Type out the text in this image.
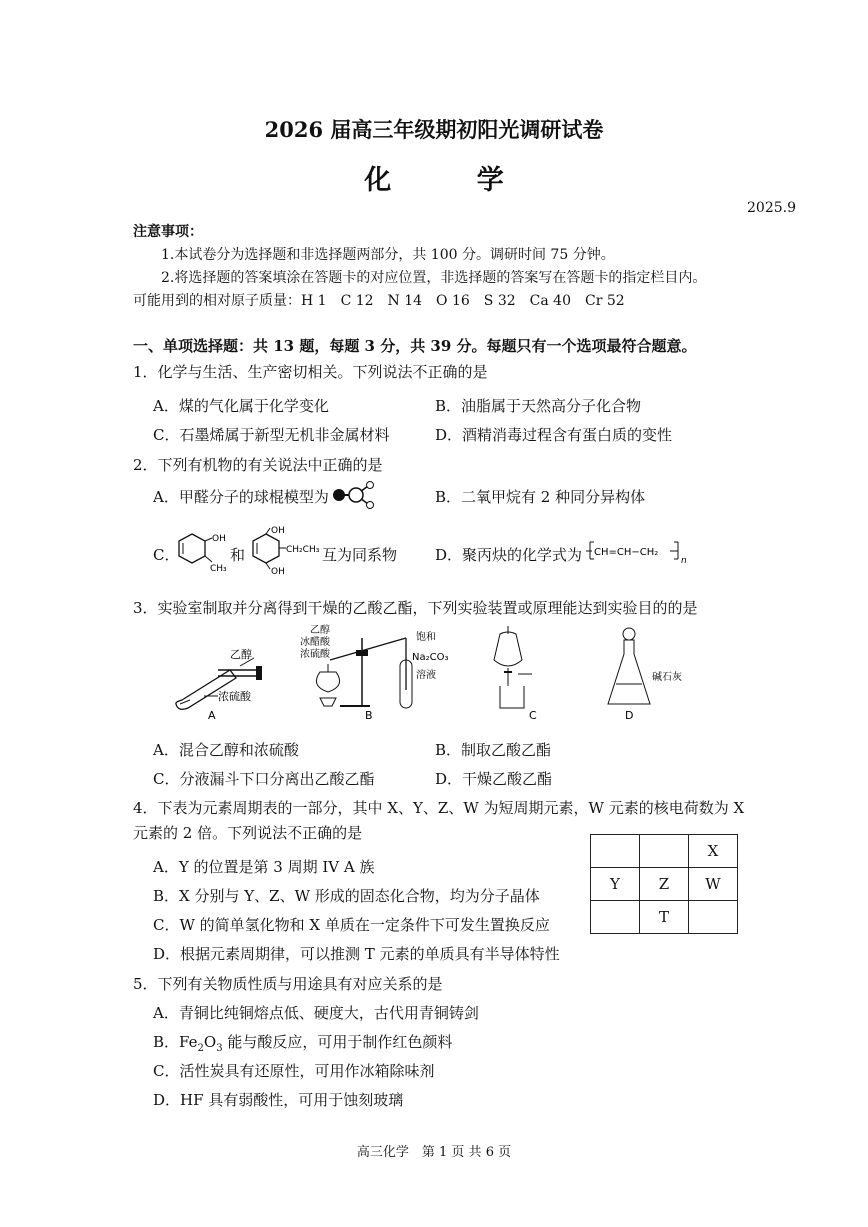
2026 届高三年级期初阳光调研试卷
化 学
2025.9
注意事项：
1.本试卷分为选择题和非选择题两部分，共 100 分。调研时间 75 分钟。
2.将选择题的答案填涂在答题卡的对应位置，非选择题的答案写在答题卡的指定栏目内。
可能用到的相对原子质量：H 1　C 12　N 14　O 16　S 32　Ca 40　Cr 52
一、单项选择题：共 13 题，每题 3 分，共 39 分。每题只有一个选项最符合题意。
1．化学与生活、生产密切相关。下列说法不正确的是
A．煤的气化属于化学变化	B．油脂属于天然高分子化合物
C．石墨烯属于新型无机非金属材料	D．酒精消毒过程含有蛋白质的变性
2．下列有机物的有关说法中正确的是
A．甲醛分子的球棍模型为	B．二氧甲烷有 2 种同分异构体
C．
OH
CH₃
和
OH
OH
CH₂CH₃ 互为同系物	D．聚丙炔的化学式为 CH=CH−CH₂
n
3．实验室制取并分离得到干燥的乙酸乙酯，下列实验装置或原理能达到实验目的的是
乙醇
浓硫酸
A
乙醇
冰醋酸
浓硫酸
饱和
Na₂CO₃
溶液
B	C
碱石灰
D
A．混合乙醇和浓硫酸	B．制取乙酸乙酯
C．分液漏斗下口分离出乙酸乙酯	D．干燥乙酸乙酯
4．下表为元素周期表的一部分，其中 X、Y、Z、W 为短周期元素，W 元素的核电荷数为 X
元素的 2 倍。下列说法不正确的是
A．Y 的位置是第 3 周期 IV A 族
B．X 分别与 Y、Z、W 形成的固态化合物，均为分子晶体
C．W 的简单氢化物和 X 单质在一定条件下可发生置换反应
D．根据元素周期律，可以推测 T 元素的单质具有半导体特性
		X
Y	Z	W
	T	
5．下列有关物质性质与用途具有对应关系的是
A．青铜比纯铜熔点低、硬度大，古代用青铜铸剑
B．$Fe_2O_3$ 能与酸反应，可用于制作红色颜料
C．活性炭具有还原性，可用作冰箱除味剂
D．HF 具有弱酸性，可用于蚀刻玻璃
高三化学　第 1 页 共 6 页
